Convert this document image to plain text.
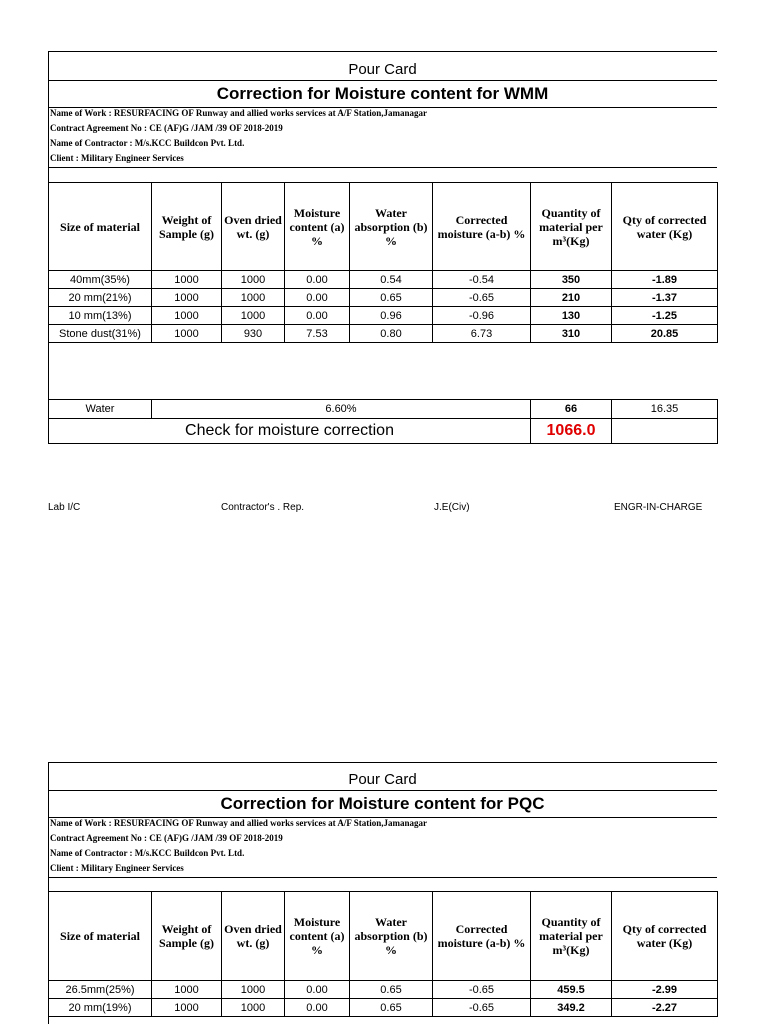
Pour Card
Correction for Moisture content for WMM
Name of Work : RESURFACING OF Runway and allied works services at A/F Station,Jamanagar
Contract Agreement No : CE (AF)G /JAM /39 OF 2018-2019
Name of Contractor : M/s.KCC Buildcon Pvt. Ltd.
Client : Military Engineer Services
Size of material	Weight of Sample (g)	Oven dried wt. (g)	Moisture content (a) %	Water absorption (b) %	Corrected moisture (a-b) %	Quantity of material per m³(Kg)	Qty of corrected water (Kg)
40mm(35%)	1000	1000	0.00	0.54	-0.54	350	-1.89
20 mm(21%)	1000	1000	0.00	0.65	-0.65	210	-1.37
10 mm(13%)	1000	1000	0.00	0.96	-0.96	130	-1.25
Stone dust(31%)	1000	930	7.53	0.80	6.73	310	20.85
Water	6.60%	66	16.35
Check for moisture correction	1066.0	
Lab I/C	Contractor's . Rep.	J.E(Civ)	ENGR-IN-CHARGE
Pour Card
Correction for Moisture content for PQC
Name of Work : RESURFACING OF Runway and allied works services at A/F Station,Jamanagar
Contract Agreement No : CE (AF)G /JAM /39 OF 2018-2019
Name of Contractor : M/s.KCC Buildcon Pvt. Ltd.
Client : Military Engineer Services
Size of material	Weight of Sample (g)	Oven dried wt. (g)	Moisture content (a) %	Water absorption (b) %	Corrected moisture (a-b) %	Quantity of material per m³(Kg)	Qty of corrected water (Kg)
26.5mm(25%)	1000	1000	0.00	0.65	-0.65	459.5	-2.99
20 mm(19%)	1000	1000	0.00	0.65	-0.65	349.2	-2.27
